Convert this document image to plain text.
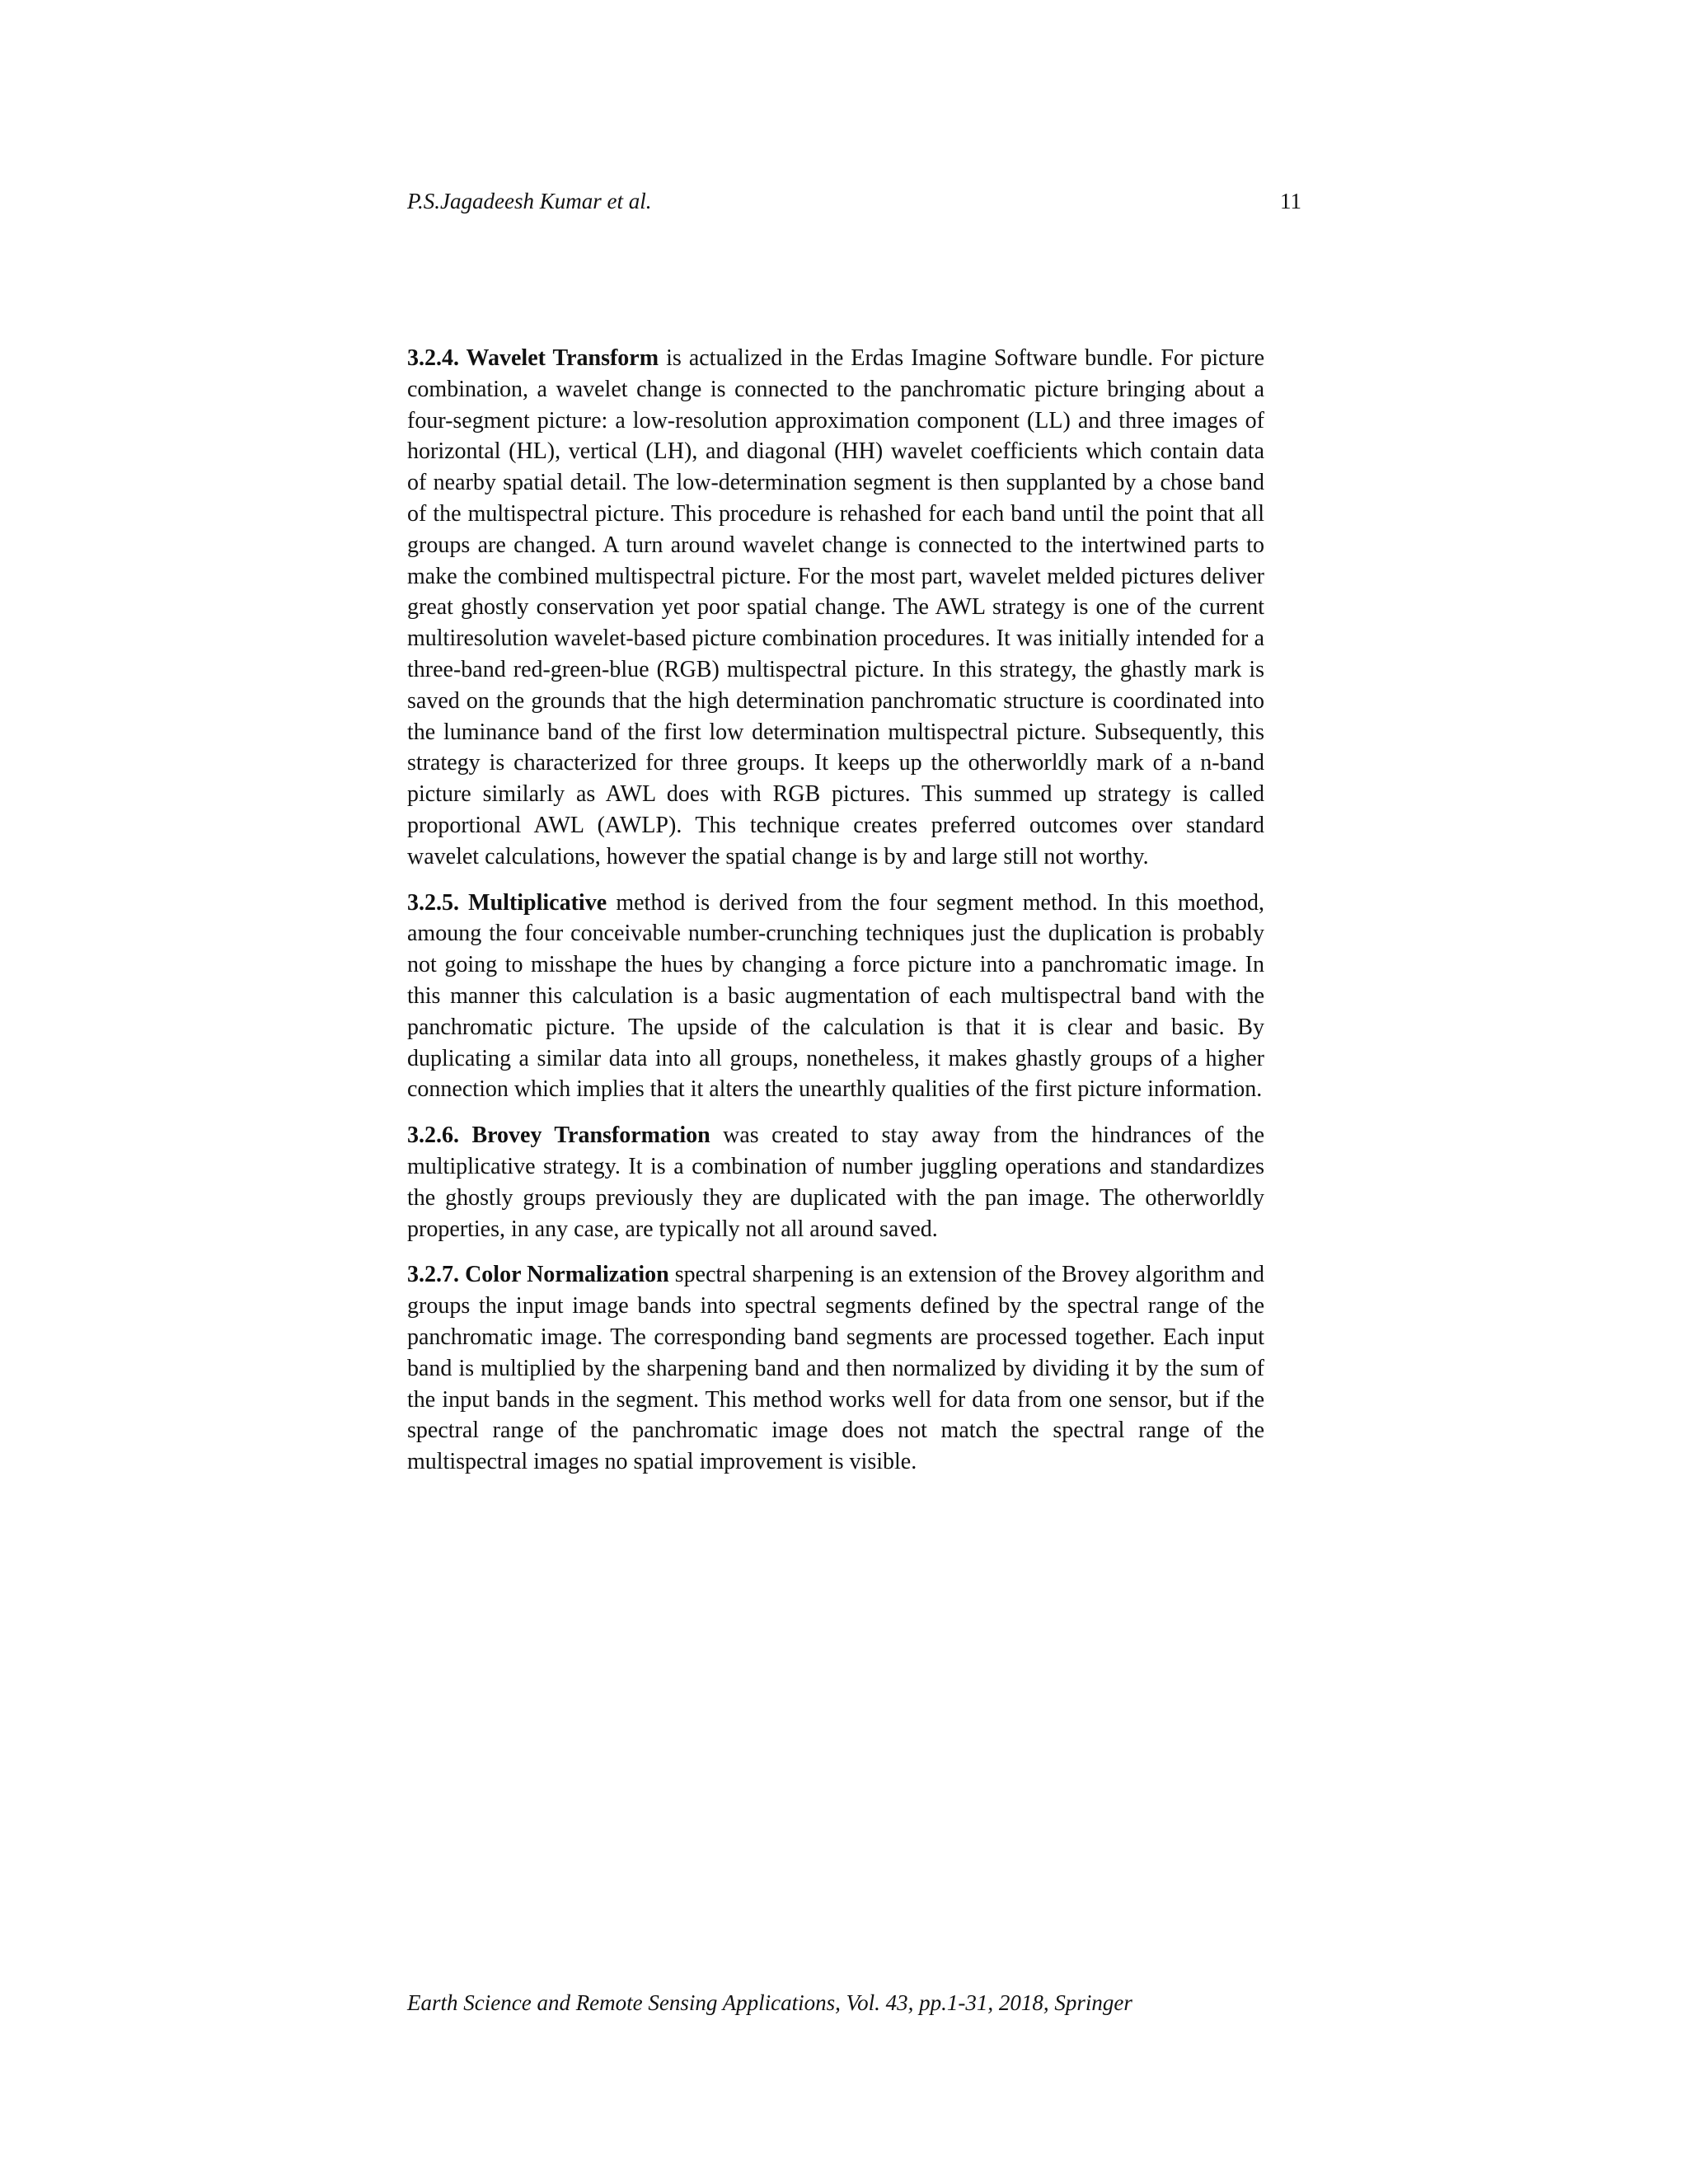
P.S.Jagadeesh Kumar et al.	11

3.2.4. Wavelet Transform is actualized in the Erdas Imagine Software bundle. For picture combination, a wavelet change is connected to the panchromatic picture bringing about a four-segment picture: a low-resolution approximation component (LL) and three images of horizontal (HL), vertical (LH), and diagonal (HH) wavelet coefficients which contain data of nearby spatial detail. The low-determination segment is then supplanted by a chose band of the multispectral picture. This procedure is rehashed for each band until the point that all groups are changed. A turn around wavelet change is connected to the intertwined parts to make the combined multispectral picture. For the most part, wavelet melded pictures deliver great ghostly conservation yet poor spatial change. The AWL strategy is one of the current multiresolution wavelet-based picture combination procedures. It was initially intended for a three-band red-green-blue (RGB) multispectral picture. In this strategy, the ghastly mark is saved on the grounds that the high determination panchromatic structure is coordinated into the luminance band of the first low determination multispectral picture. Subsequently, this strategy is characterized for three groups. It keeps up the otherworldly mark of a n-band picture similarly as AWL does with RGB pictures. This summed up strategy is called proportional AWL (AWLP). This technique creates preferred outcomes over standard wavelet calculations, however the spatial change is by and large still not worthy.

3.2.5. Multiplicative method is derived from the four segment method. In this moethod, amoung the four conceivable number-crunching techniques just the duplication is probably not going to misshape the hues by changing a force picture into a panchromatic image. In this manner this calculation is a basic augmentation of each multispectral band with the panchromatic picture. The upside of the calculation is that it is clear and basic. By duplicating a similar data into all groups, nonetheless, it makes ghastly groups of a higher connection which implies that it alters the unearthly qualities of the first picture information.

3.2.6. Brovey Transformation was created to stay away from the hindrances of the multiplicative strategy. It is a combination of number juggling operations and standardizes the ghostly groups previously they are duplicated with the pan image. The otherworldly properties, in any case, are typically not all around saved.

3.2.7. Color Normalization spectral sharpening is an extension of the Brovey algorithm and groups the input image bands into spectral segments defined by the spectral range of the panchromatic image. The corresponding band segments are processed together. Each input band is multiplied by the sharpening band and then normalized by dividing it by the sum of the input bands in the segment. This method works well for data from one sensor, but if the spectral range of the panchromatic image does not match the spectral range of the multispectral images no spatial improvement is visible.

Earth Science and Remote Sensing Applications, Vol. 43, pp.1-31, 2018, Springer
